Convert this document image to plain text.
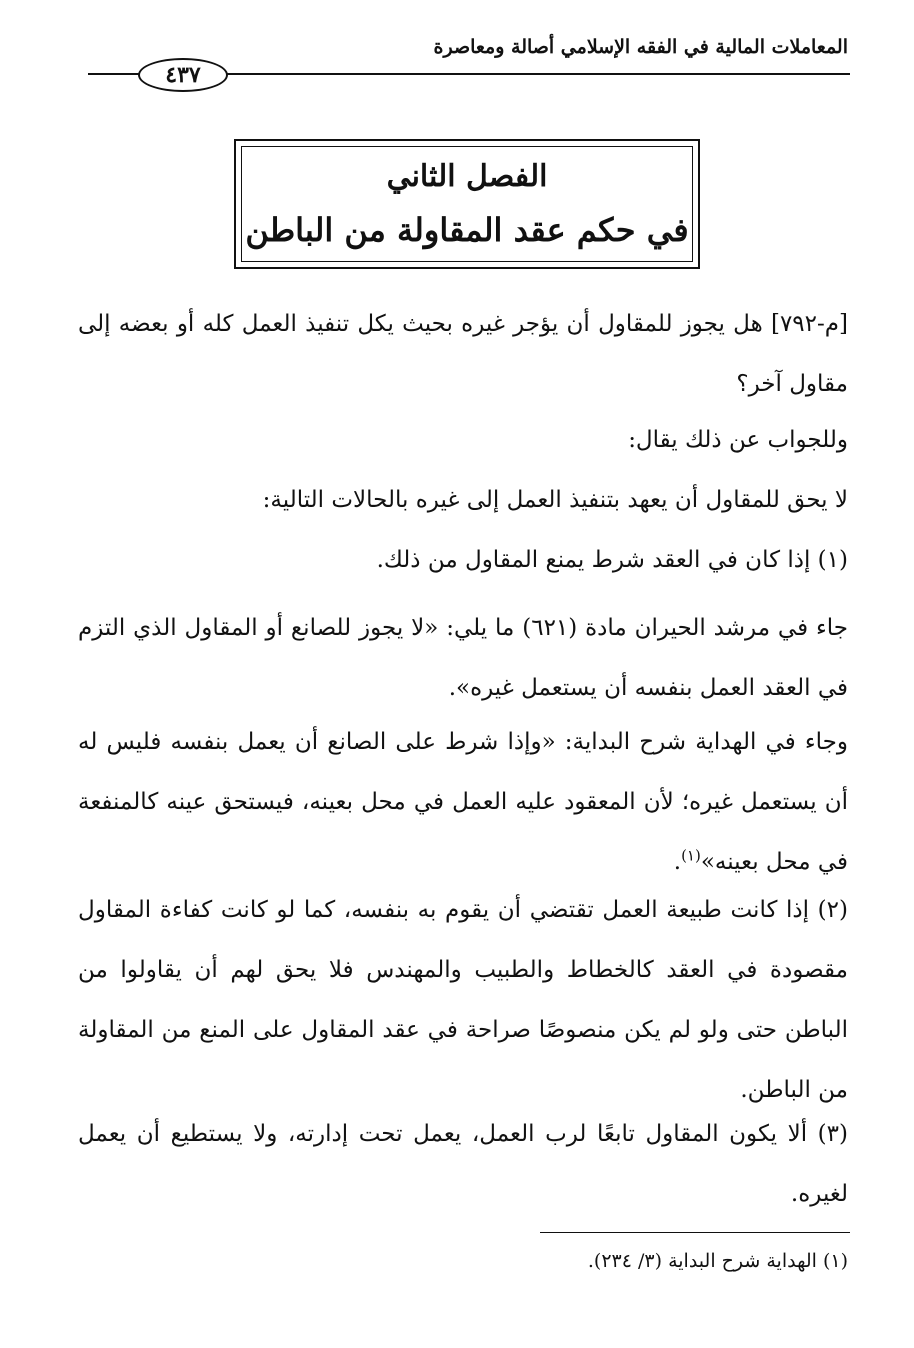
المعاملات المالية في الفقه الإسلامي أصالة ومعاصرة
٤٣٧
الفصل الثاني
في حكم عقد المقاولة من الباطن

[م-٧٩٢] هل يجوز للمقاول أن يؤجر غيره بحيث يكل تنفيذ العمل كله أو بعضه إلى مقاول آخر؟

وللجواب عن ذلك يقال:

لا يحق للمقاول أن يعهد بتنفيذ العمل إلى غيره بالحالات التالية:

(١) إذا كان في العقد شرط يمنع المقاول من ذلك.

جاء في مرشد الحيران مادة (٦٢١) ما يلي: «لا يجوز للصانع أو المقاول الذي التزم في العقد العمل بنفسه أن يستعمل غيره».

وجاء في الهداية شرح البداية: «وإذا شرط على الصانع أن يعمل بنفسه فليس له أن يستعمل غيره؛ لأن المعقود عليه العمل في محل بعينه، فيستحق عينه كالمنفعة في محل بعينه»$^{(١)}$.

(٢) إذا كانت طبيعة العمل تقتضي أن يقوم به بنفسه، كما لو كانت كفاءة المقاول مقصودة في العقد كالخطاط والطبيب والمهندس فلا يحق لهم أن يقاولوا من الباطن حتى ولو لم يكن منصوصًا صراحة في عقد المقاول على المنع من المقاولة من الباطن.

(٣) ألا يكون المقاول تابعًا لرب العمل، يعمل تحت إدارته، ولا يستطيع أن يعمل لغيره.

(١) الهداية شرح البداية (٣/ ٢٣٤).
